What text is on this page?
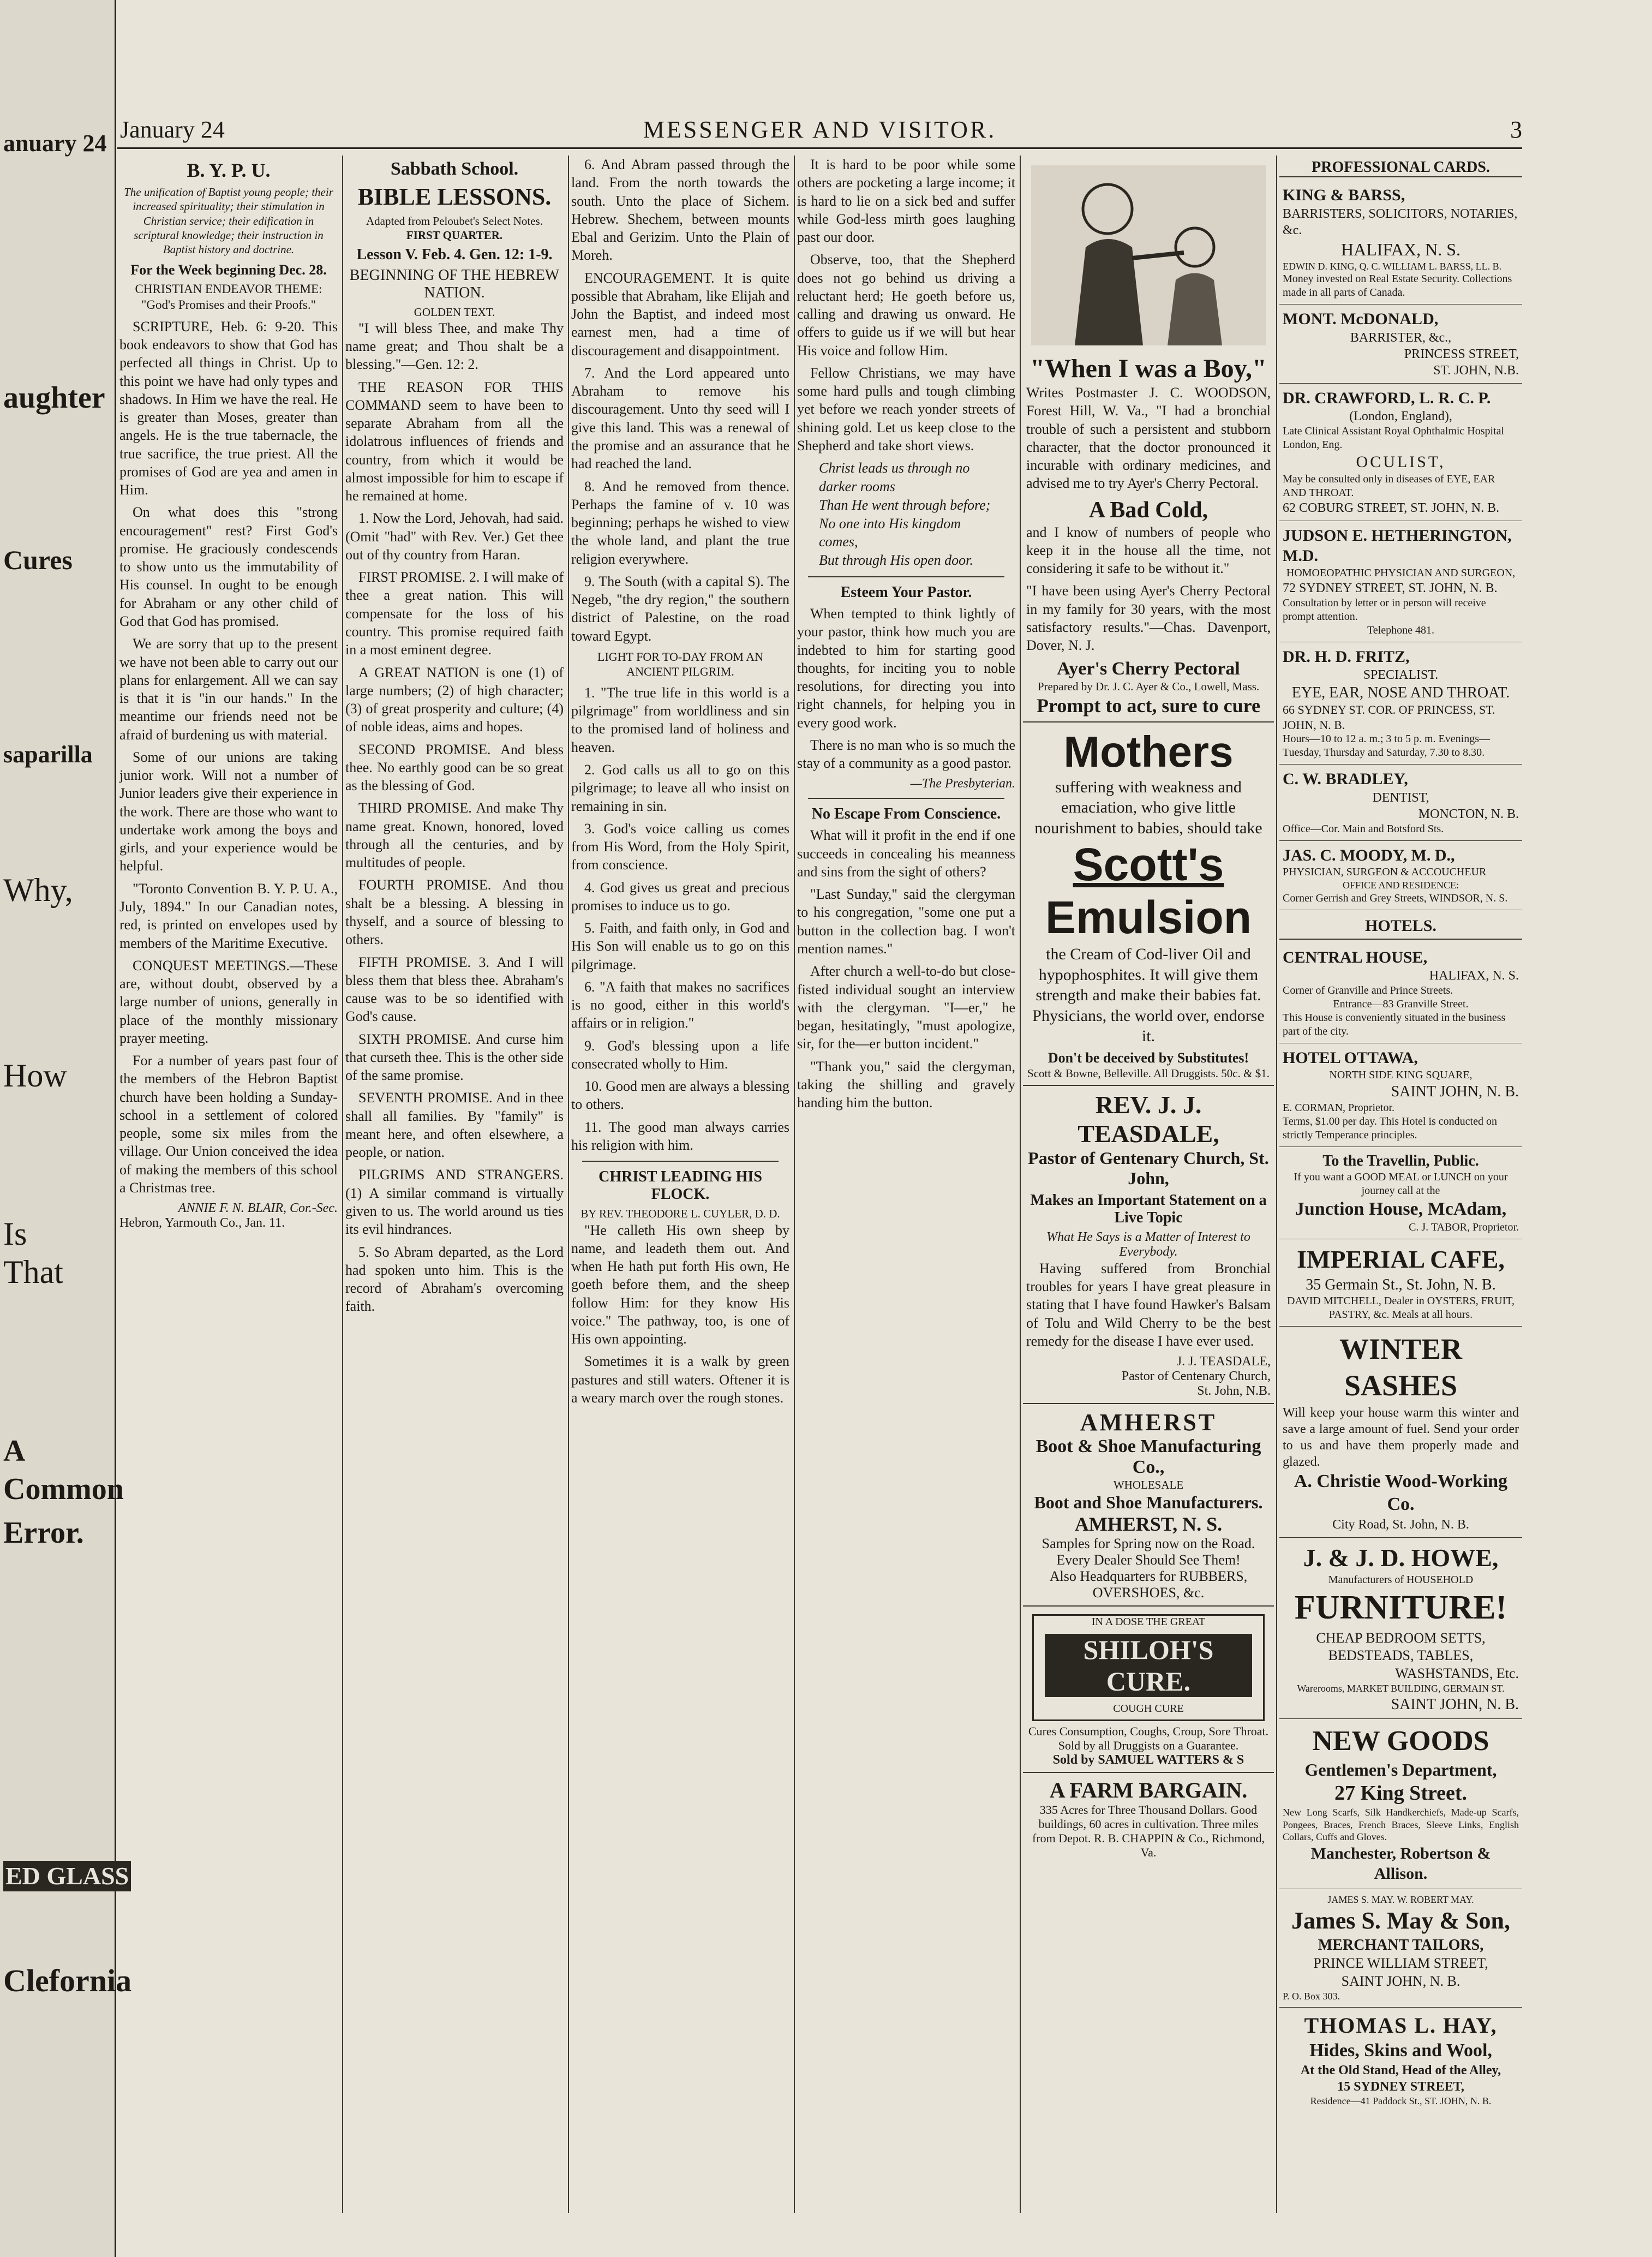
anuary 24
aughter
Cures
saparilla
Why,
How
Is
That
A
Common
Error.
ED GLASS
Clefornia
January 24	MESSENGER AND VISITOR.	3
B. Y. P. U.
The unification of Baptist young people; their increased spirituality; their stimulation in Christian service; their edification in scriptural knowledge; their instruction in Baptist history and doctrine.
For the Week beginning Dec. 28.
CHRISTIAN ENDEAVOR THEME: "God's Promises and their Proofs."

SCRIPTURE, Heb. 6: 9-20. This book endeavors to show that God has perfected all things in Christ. Up to this point we have had only types and shadows. In Him we have the real. He is greater than Moses, greater than angels. He is the true tabernacle, the true sacrifice, the true priest. All the promises of God are yea and amen in Him.

On what does this "strong encouragement" rest? First God's promise. He graciously condescends to show unto us the immutability of His counsel. In ought to be enough for Abraham or any other child of God that God has promised.

We are sorry that up to the present we have not been able to carry out our plans for enlargement. All we can say is that it is "in our hands." In the meantime our friends need not be afraid of burdening us with material.

Some of our unions are taking junior work. Will not a number of Junior leaders give their experience in the work. There are those who want to undertake work among the boys and girls, and your experience would be helpful.

"Toronto Convention B. Y. P. U. A., July, 1894." In our Canadian notes, red, is printed on envelopes used by members of the Maritime Executive.

CONQUEST MEETINGS.—These are, without doubt, observed by a large number of unions, generally in place of the monthly missionary prayer meeting.

For a number of years past four of the members of the Hebron Baptist church have been holding a Sunday-school in a settlement of colored people, some six miles from the village. Our Union conceived the idea of making the members of this school a Christmas tree.

ANNIE F. N. BLAIR, Cor.-Sec.
Hebron, Yarmouth Co., Jan. 11.
Sabbath School.
BIBLE LESSONS.
Adapted from Peloubet's Select Notes.
FIRST QUARTER.
Lesson V. Feb. 4. Gen. 12: 1-9.
BEGINNING OF THE HEBREW NATION.
GOLDEN TEXT.

"I will bless Thee, and make Thy name great; and Thou shalt be a blessing."—Gen. 12: 2.

THE REASON FOR THIS COMMAND seem to have been to separate Abraham from all the idolatrous influences of friends and country, from which it would be almost impossible for him to escape if he remained at home.

1. Now the Lord, Jehovah, had said. (Omit "had" with Rev. Ver.) Get thee out of thy country from Haran.

FIRST PROMISE. 2. I will make of thee a great nation. This will compensate for the loss of his country. This promise required faith in a most eminent degree.

A GREAT NATION is one (1) of large numbers; (2) of high character; (3) of great prosperity and culture; (4) of noble ideas, aims and hopes.

SECOND PROMISE. And bless thee. No earthly good can be so great as the blessing of God.

THIRD PROMISE. And make Thy name great. Known, honored, loved through all the centuries, and by multitudes of people.

FOURTH PROMISE. And thou shalt be a blessing. A blessing in thyself, and a source of blessing to others.

FIFTH PROMISE. 3. And I will bless them that bless thee. Abraham's cause was to be so identified with God's cause.

SIXTH PROMISE. And curse him that curseth thee. This is the other side of the same promise.

SEVENTH PROMISE. And in thee shall all families. By "family" is meant here, and often elsewhere, a people, or nation.

PILGRIMS AND STRANGERS. (1) A similar command is virtually given to us. The world around us ties its evil hindrances.

5. So Abram departed, as the Lord had spoken unto him. This is the record of Abraham's overcoming faith.

6. And Abram passed through the land. From the north towards the south. Unto the place of Sichem. Hebrew. Shechem, between mounts Ebal and Gerizim. Unto the Plain of Moreh.

ENCOURAGEMENT. It is quite possible that Abraham, like Elijah and John the Baptist, and indeed most earnest men, had a time of discouragement and disappointment.

7. And the Lord appeared unto Abraham to remove his discouragement. Unto thy seed will I give this land. This was a renewal of the promise and an assurance that he had reached the land.

8. And he removed from thence. Perhaps the famine of v. 10 was beginning; perhaps he wished to view the whole land, and plant the true religion everywhere.

9. The South (with a capital S). The Negeb, "the dry region," the southern district of Palestine, on the road toward Egypt.

LIGHT FOR TO-DAY FROM AN ANCIENT PILGRIM.

1. "The true life in this world is a pilgrimage" from worldliness and sin to the promised land of holiness and heaven.

2. God calls us all to go on this pilgrimage; to leave all who insist on remaining in sin.

3. God's voice calling us comes from His Word, from the Holy Spirit, from conscience.

4. God gives us great and precious promises to induce us to go.

5. Faith, and faith only, in God and His Son will enable us to go on this pilgrimage.

6. "A faith that makes no sacrifices is no good, either in this world's affairs or in religion."

9. God's blessing upon a life consecrated wholly to Him.

10. Good men are always a blessing to others.

11. The good man always carries his religion with him.

CHRIST LEADING HIS FLOCK.
BY REV. THEODORE L. CUYLER, D. D.

"He calleth His own sheep by name, and leadeth them out. And when He hath put forth His own, He goeth before them, and the sheep follow Him: for they know His voice." The pathway, too, is one of His own appointing.

Sometimes it is a walk by green pastures and still waters. Oftener it is a weary march over the rough stones.

It is hard to be poor while some others are pocketing a large income; it is hard to lie on a sick bed and suffer while God-less mirth goes laughing past our door.

Observe, too, that the Shepherd does not go behind us driving a reluctant herd; He goeth before us, calling and drawing us onward. He offers to guide us if we will but hear His voice and follow Him.

Fellow Christians, we may have some hard pulls and tough climbing yet before we reach yonder streets of shining gold. Let us keep close to the Shepherd and take short views.

Christ leads us through no darker rooms
Than He went through before;
No one into His kingdom comes,
But through His open door.
Esteem Your Pastor.

When tempted to think lightly of your pastor, think how much you are indebted to him for starting good thoughts, for inciting you to noble resolutions, for directing you into right channels, for helping you in every good work.

There is no man who is so much the stay of a community as a good pastor.

—The Presbyterian.
No Escape From Conscience.

What will it profit in the end if one succeeds in concealing his meanness and sins from the sight of others?

"Last Sunday," said the clergyman to his congregation, "some one put a button in the collection bag. I won't mention names."

After church a well-to-do but close-fisted individual sought an interview with the clergyman. "I—er," he began, hesitatingly, "must apologize, sir, for the—er button incident."

"Thank you," said the clergyman, taking the shilling and gravely handing him the button.

"When I was a Boy,"

Writes Postmaster J. C. WOODSON, Forest Hill, W. Va., "I had a bronchial trouble of such a persistent and stubborn character, that the doctor pronounced it incurable with ordinary medicines, and advised me to try Ayer's Cherry Pectoral.

A Bad Cold,

and I know of numbers of people who keep it in the house all the time, not considering it safe to be without it."

"I have been using Ayer's Cherry Pectoral in my family for 30 years, with the most satisfactory results."—Chas. Davenport, Dover, N. J.

Ayer's Cherry Pectoral
Prepared by Dr. J. C. Ayer & Co., Lowell, Mass.
Prompt to act, sure to cure
Mothers
suffering with weakness and emaciation, who give little nourishment to babies, should take
Scott's
Emulsion
the Cream of Cod-liver Oil and hypophosphites. It will give them strength and make their babies fat. Physicians, the world over, endorse it.
Don't be deceived by Substitutes!
Scott & Bowne, Belleville. All Druggists. 50c. & $1.
REV. J. J. TEASDALE,
Pastor of Gentenary Church, St. John,
Makes an Important Statement on a Live Topic
What He Says is a Matter of Interest to Everybody.

Having suffered from Bronchial troubles for years I have great pleasure in stating that I have found Hawker's Balsam of Tolu and Wild Cherry to be the best remedy for the disease I have ever used.

J. J. TEASDALE,
Pastor of Centenary Church,
St. John, N.B.
AMHERST
Boot & Shoe Manufacturing Co.,
WHOLESALE
Boot and Shoe Manufacturers.
AMHERST, N. S.
Samples for Spring now on the Road. Every Dealer Should See Them!
Also Headquarters for RUBBERS, OVERSHOES, &c.
IN A DOSE THE GREAT
SHILOH'S CURE.
COUGH CURE
Cures Consumption, Coughs, Croup, Sore Throat. Sold by all Druggists on a Guarantee.
Sold by SAMUEL WATTERS & S
A FARM BARGAIN.
335 Acres for Three Thousand Dollars. Good buildings, 60 acres in cultivation. Three miles from Depot. R. B. CHAPPIN & Co., Richmond, Va.
PROFESSIONAL CARDS.
KING & BARSS,
BARRISTERS, SOLICITORS, NOTARIES, &c.
HALIFAX, N. S.
EDWIN D. KING, Q. C. WILLIAM L. BARSS, LL. B.
Money invested on Real Estate Security. Collections made in all parts of Canada.
MONT. McDONALD,
BARRISTER, &c.,
PRINCESS STREET,
ST. JOHN, N.B.
DR. CRAWFORD, L. R. C. P.
(London, England),
Late Clinical Assistant Royal Ophthalmic Hospital London, Eng.
OCULIST,
May be consulted only in diseases of EYE, EAR AND THROAT.
62 COBURG STREET, ST. JOHN, N. B.
JUDSON E. HETHERINGTON, M.D.
HOMOEOPATHIC PHYSICIAN AND SURGEON,
72 SYDNEY STREET, ST. JOHN, N. B.
Consultation by letter or in person will receive prompt attention.
Telephone 481.
DR. H. D. FRITZ,
SPECIALIST.
EYE, EAR, NOSE AND THROAT.
66 SYDNEY ST. COR. OF PRINCESS, ST. JOHN, N. B.
Hours—10 to 12 a. m.; 3 to 5 p. m. Evenings—Tuesday, Thursday and Saturday, 7.30 to 8.30.
C. W. BRADLEY,
DENTIST,
MONCTON, N. B.
Office—Cor. Main and Botsford Sts.
JAS. C. MOODY, M. D.,
PHYSICIAN, SURGEON & ACCOUCHEUR
OFFICE AND RESIDENCE:
Corner Gerrish and Grey Streets, WINDSOR, N. S.
HOTELS.
CENTRAL HOUSE,
HALIFAX, N. S.
Corner of Granville and Prince Streets.
Entrance—83 Granville Street.
This House is conveniently situated in the business part of the city.
HOTEL OTTAWA,
NORTH SIDE KING SQUARE,
SAINT JOHN, N. B.
E. CORMAN, Proprietor.
Terms, $1.00 per day. This Hotel is conducted on strictly Temperance principles.
To the Travellin, Public.
If you want a GOOD MEAL or LUNCH on your journey call at the
Junction House, McAdam,
C. J. TABOR, Proprietor.
IMPERIAL CAFE,
35 Germain St., St. John, N. B.
DAVID MITCHELL, Dealer in OYSTERS, FRUIT, PASTRY, &c. Meals at all hours.
WINTER SASHES
Will keep your house warm this winter and save a large amount of fuel. Send your order to us and have them properly made and glazed.
A. Christie Wood-Working Co.
City Road, St. John, N. B.
J. & J. D. HOWE,
Manufacturers of HOUSEHOLD
FURNITURE!
CHEAP BEDROOM SETTS,
BEDSTEADS, TABLES,
WASHSTANDS, Etc.
Warerooms, MARKET BUILDING, GERMAIN ST.
SAINT JOHN, N. B.
NEW GOODS
Gentlemen's Department,
27 King Street.
New Long Scarfs, Silk Handkerchiefs, Made-up Scarfs, Pongees, Braces, French Braces, Sleeve Links, English Collars, Cuffs and Gloves.
Manchester, Robertson & Allison.
JAMES S. MAY. W. ROBERT MAY.
James S. May & Son,
MERCHANT TAILORS,
PRINCE WILLIAM STREET,
SAINT JOHN, N. B.
P. O. Box 303.
THOMAS L. HAY,
Hides, Skins and Wool,
At the Old Stand, Head of the Alley,
15 SYDNEY STREET,
Residence—41 Paddock St., ST. JOHN, N. B.
